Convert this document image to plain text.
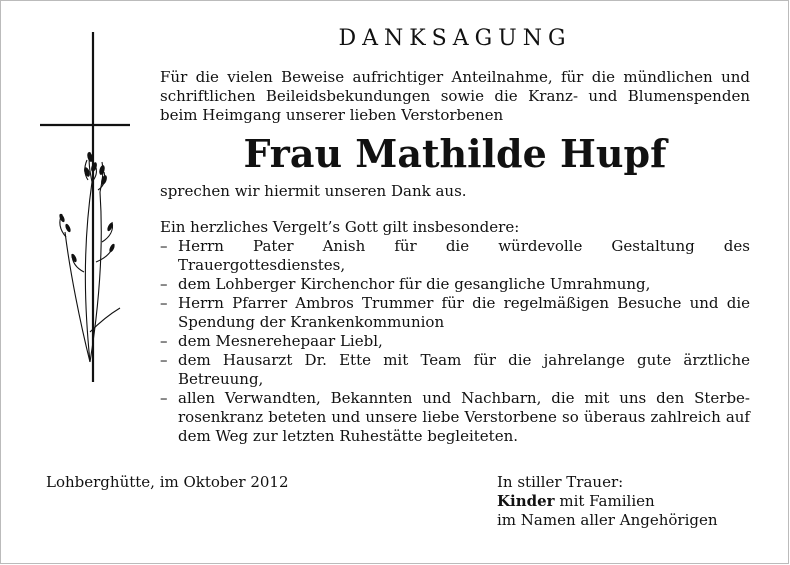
DANKSAGUNG
Für die vielen Beweise aufrichtiger Anteilnahme, für die mündlichen und schriftlichen Beileidsbekundungen sowie die Kranz- und Blumenspenden beim Heimgang unserer lieben Verstorbenen
Frau Mathilde Hupf
sprechen wir hiermit unseren Dank aus.
Ein herzliches Vergelt’s Gott gilt insbesondere:
– Herrn Pater Anish für die würdevolle Gestaltung des Trauergottesdienstes,
– dem Lohberger Kirchenchor für die gesangliche Umrahmung,
– Herrn Pfarrer Ambros Trummer für die regelmäßigen Besuche und die Spendung der Krankenkommunion
– dem Mesnerehepaar Liebl,
– dem Hausarzt Dr. Ette mit Team für die jahrelange gute ärztliche Betreuung,
– allen Verwandten, Bekannten und Nachbarn, die mit uns den Sterberosenkranz beteten und unsere liebe Verstorbene so überaus zahlreich auf dem Weg zur letzten Ruhestätte begleiteten.
Lohberghütte, im Oktober 2012	In stiller Trauer:
Kinder mit Familien
im Namen aller Angehörigen
